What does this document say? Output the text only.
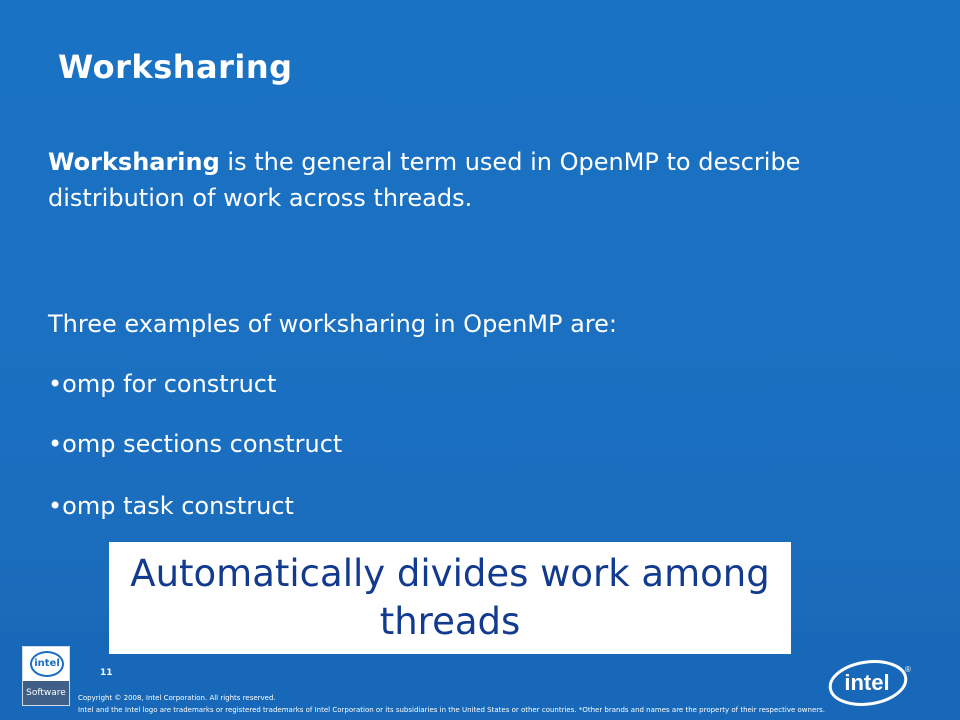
Worksharing
Worksharing is the general term used in OpenMP to describe distribution of work across threads.
Three examples of worksharing in OpenMP are:
•omp for construct
•omp sections construct
•omp task construct
Automatically divides work among threads
intel
Software
11
Copyright © 2008, Intel Corporation. All rights reserved.
Intel and the Intel logo are trademarks or registered trademarks of Intel Corporation or its subsidiaries in the United States or other countries. *Other brands and names are the property of their respective owners.
intel
®
